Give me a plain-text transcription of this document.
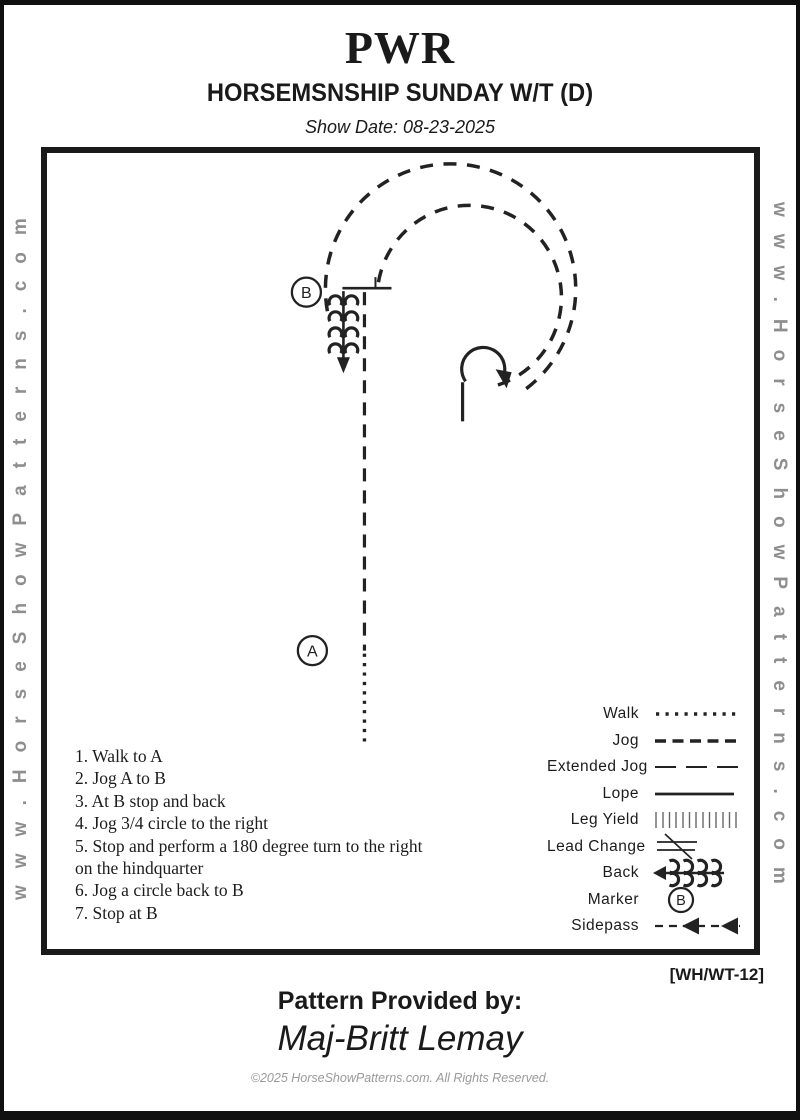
PWR
HORSEMSNSHIP SUNDAY W/T (D)
Show Date: 08-23-2025
www.HorseShowPatterns.com	www.HorseShowPatterns.com
B
A
1. Walk to A
2. Jog A to B
3. At B stop and back
4. Jog 3/4 circle to the right
5. Stop and perform a 180 degree turn to the right
on the hindquarter
6. Jog a circle back to B
7. Stop at B
Walk
Jog
Extended Jog
Lope
Leg Yield
Lead Change
Back
Marker	B
Sidepass
[WH/WT-12]
Pattern Provided by:
Maj-Britt Lemay
©2025 HorseShowPatterns.com. All Rights Reserved.
